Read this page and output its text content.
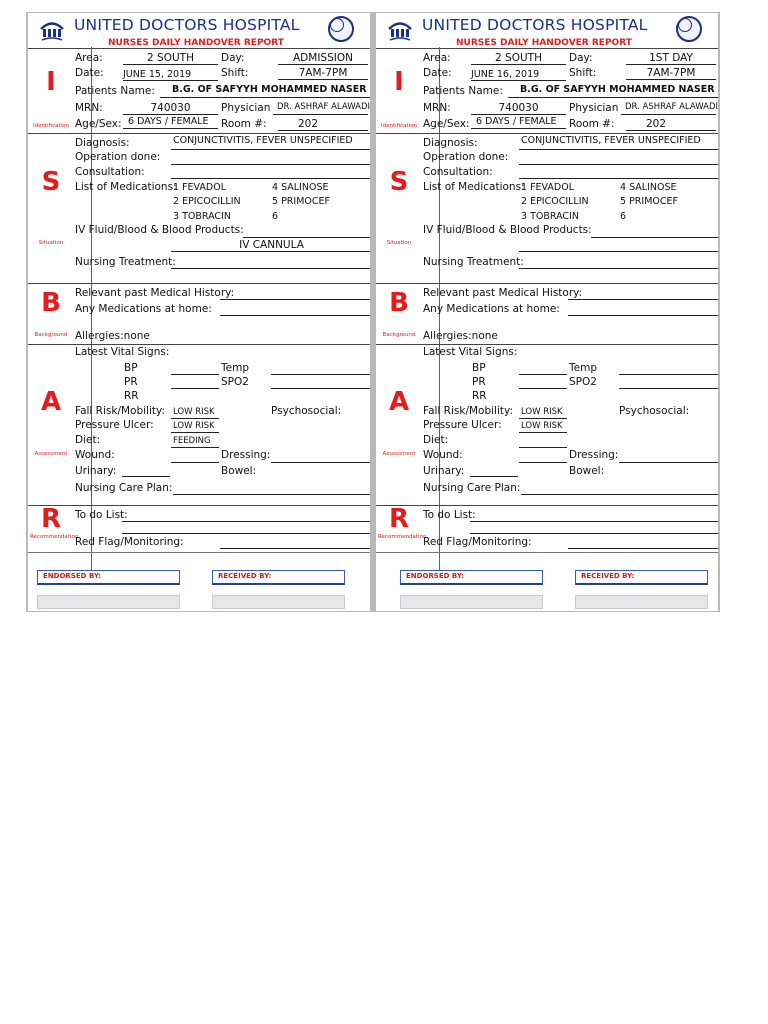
UNITED DOCTORS HOSPITAL
NURSES DAILY HANDOVER REPORT
I
Identification
Area:	2 SOUTH	Day:	ADMISSION
Date: JUNE 15, 2019	Shift:	7AM-7PM
Patients Name: B.G. OF SAFYYH MOHAMMED NASER
MRN:	740030	Physician DR. ASHRAF ALAWADI
Age/Sex: 6 DAYS / FEMALE Room #:	202
S
Situation
Diagnosis:	CONJUNCTIVITIS, FEVER UNSPECIFIED
Operation done:
Consultation:
List of Medications:
1 FEVADOL	4 SALINOSE
2 EPICOCILLIN	5 PRIMOCEF
3 TOBRACIN	6
IV Fluid/Blood & Blood Products:
IV CANNULA
Nursing Treatment:
B
Background
Relevant past Medical History:
Any Medications at home:
Allergies:none
A
Assessment
Latest Vital Signs:
BP	Temp
PR	SPO2
RR
Fall Risk/Mobility: LOW RISK	Psychosocial:
Pressure Ulcer: LOW RISK
Diet:	FEEDING
Wound:	Dressing:
Urinary:	Bowel:
Nursing Care Plan:
R
Recommendation
To do List:
Red Flag/Monitoring:
ENDORSED BY:	RECEIVED BY:
UNITED DOCTORS HOSPITAL
NURSES DAILY HANDOVER REPORT
I
Identification
Area:	2 SOUTH	Day:	1ST DAY
Date: JUNE 16, 2019	Shift:	7AM-7PM
Patients Name: B.G. OF SAFYYH MOHAMMED NASER
MRN:	740030	Physician DR. ASHRAF ALAWADI
Age/Sex: 6 DAYS / FEMALE Room #:	202
S
Situation
Diagnosis:	CONJUNCTIVITIS, FEVER UNSPECIFIED
Operation done:
Consultation:
List of Medications:
1 FEVADOL	4 SALINOSE
2 EPICOCILLIN	5 PRIMOCEF
3 TOBRACIN	6
IV Fluid/Blood & Blood Products:
Nursing Treatment:
B
Background
Relevant past Medical History:
Any Medications at home:
Allergies:none
A
Assessment
Latest Vital Signs:
BP	Temp
PR	SPO2
RR
Fall Risk/Mobility: LOW RISK	Psychosocial:
Pressure Ulcer: LOW RISK
Diet:
Wound:	Dressing:
Urinary:	Bowel:
Nursing Care Plan:
R
Recommendation
To do List:
Red Flag/Monitoring:
ENDORSED BY:	RECEIVED BY:
